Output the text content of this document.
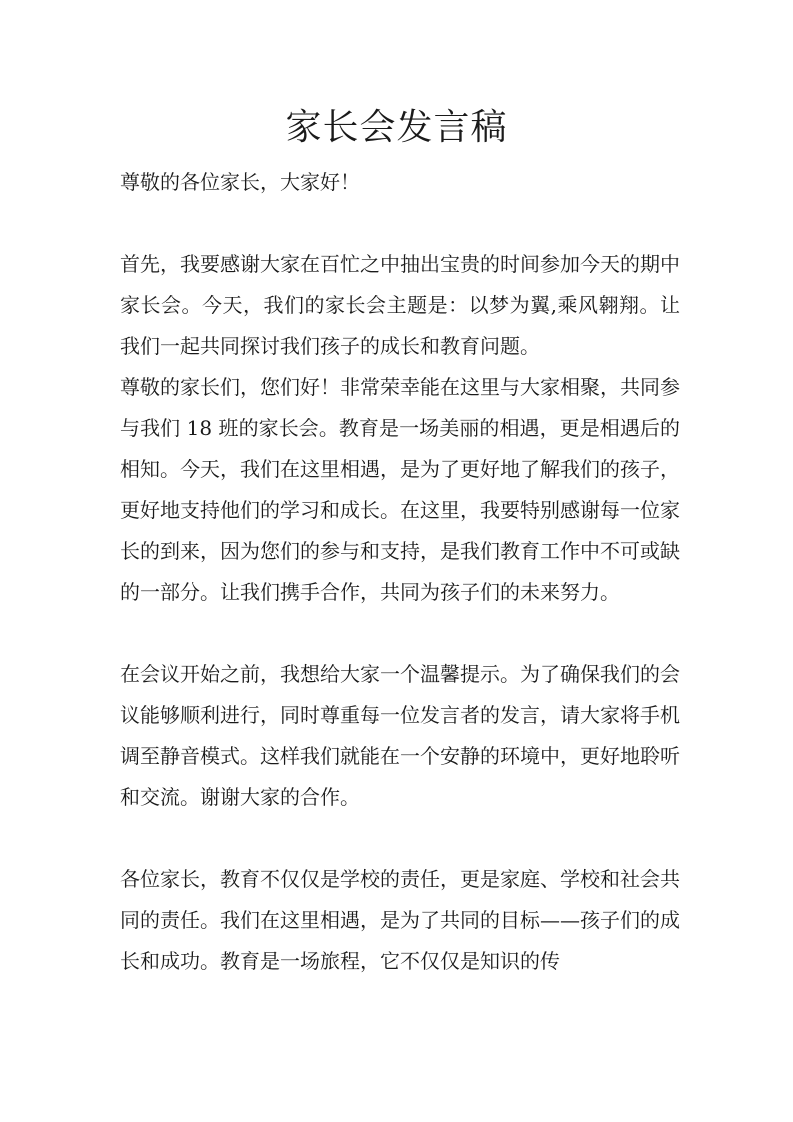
家长会发言稿

尊敬的各位家长，大家好！

首先，我要感谢大家在百忙之中抽出宝贵的时间参加今天的期中家长会。今天，我们的家长会主题是：以梦为翼,乘风翱翔。让我们一起共同探讨我们孩子的成长和教育问题。

尊敬的家长们，您们好！非常荣幸能在这里与大家相聚，共同参与我们 18 班的家长会。教育是一场美丽的相遇，更是相遇后的相知。今天，我们在这里相遇，是为了更好地了解我们的孩子，更好地支持他们的学习和成长。在这里，我要特别感谢每一位家长的到来，因为您们的参与和支持，是我们教育工作中不可或缺的一部分。让我们携手合作，共同为孩子们的未来努力。

在会议开始之前，我想给大家一个温馨提示。为了确保我们的会议能够顺利进行，同时尊重每一位发言者的发言，请大家将手机调至静音模式。这样我们就能在一个安静的环境中，更好地聆听和交流。谢谢大家的合作。

各位家长，教育不仅仅是学校的责任，更是家庭、学校和社会共同的责任。我们在这里相遇，是为了共同的目标——孩子们的成长和成功。教育是一场旅程，它不仅仅是知识的传
